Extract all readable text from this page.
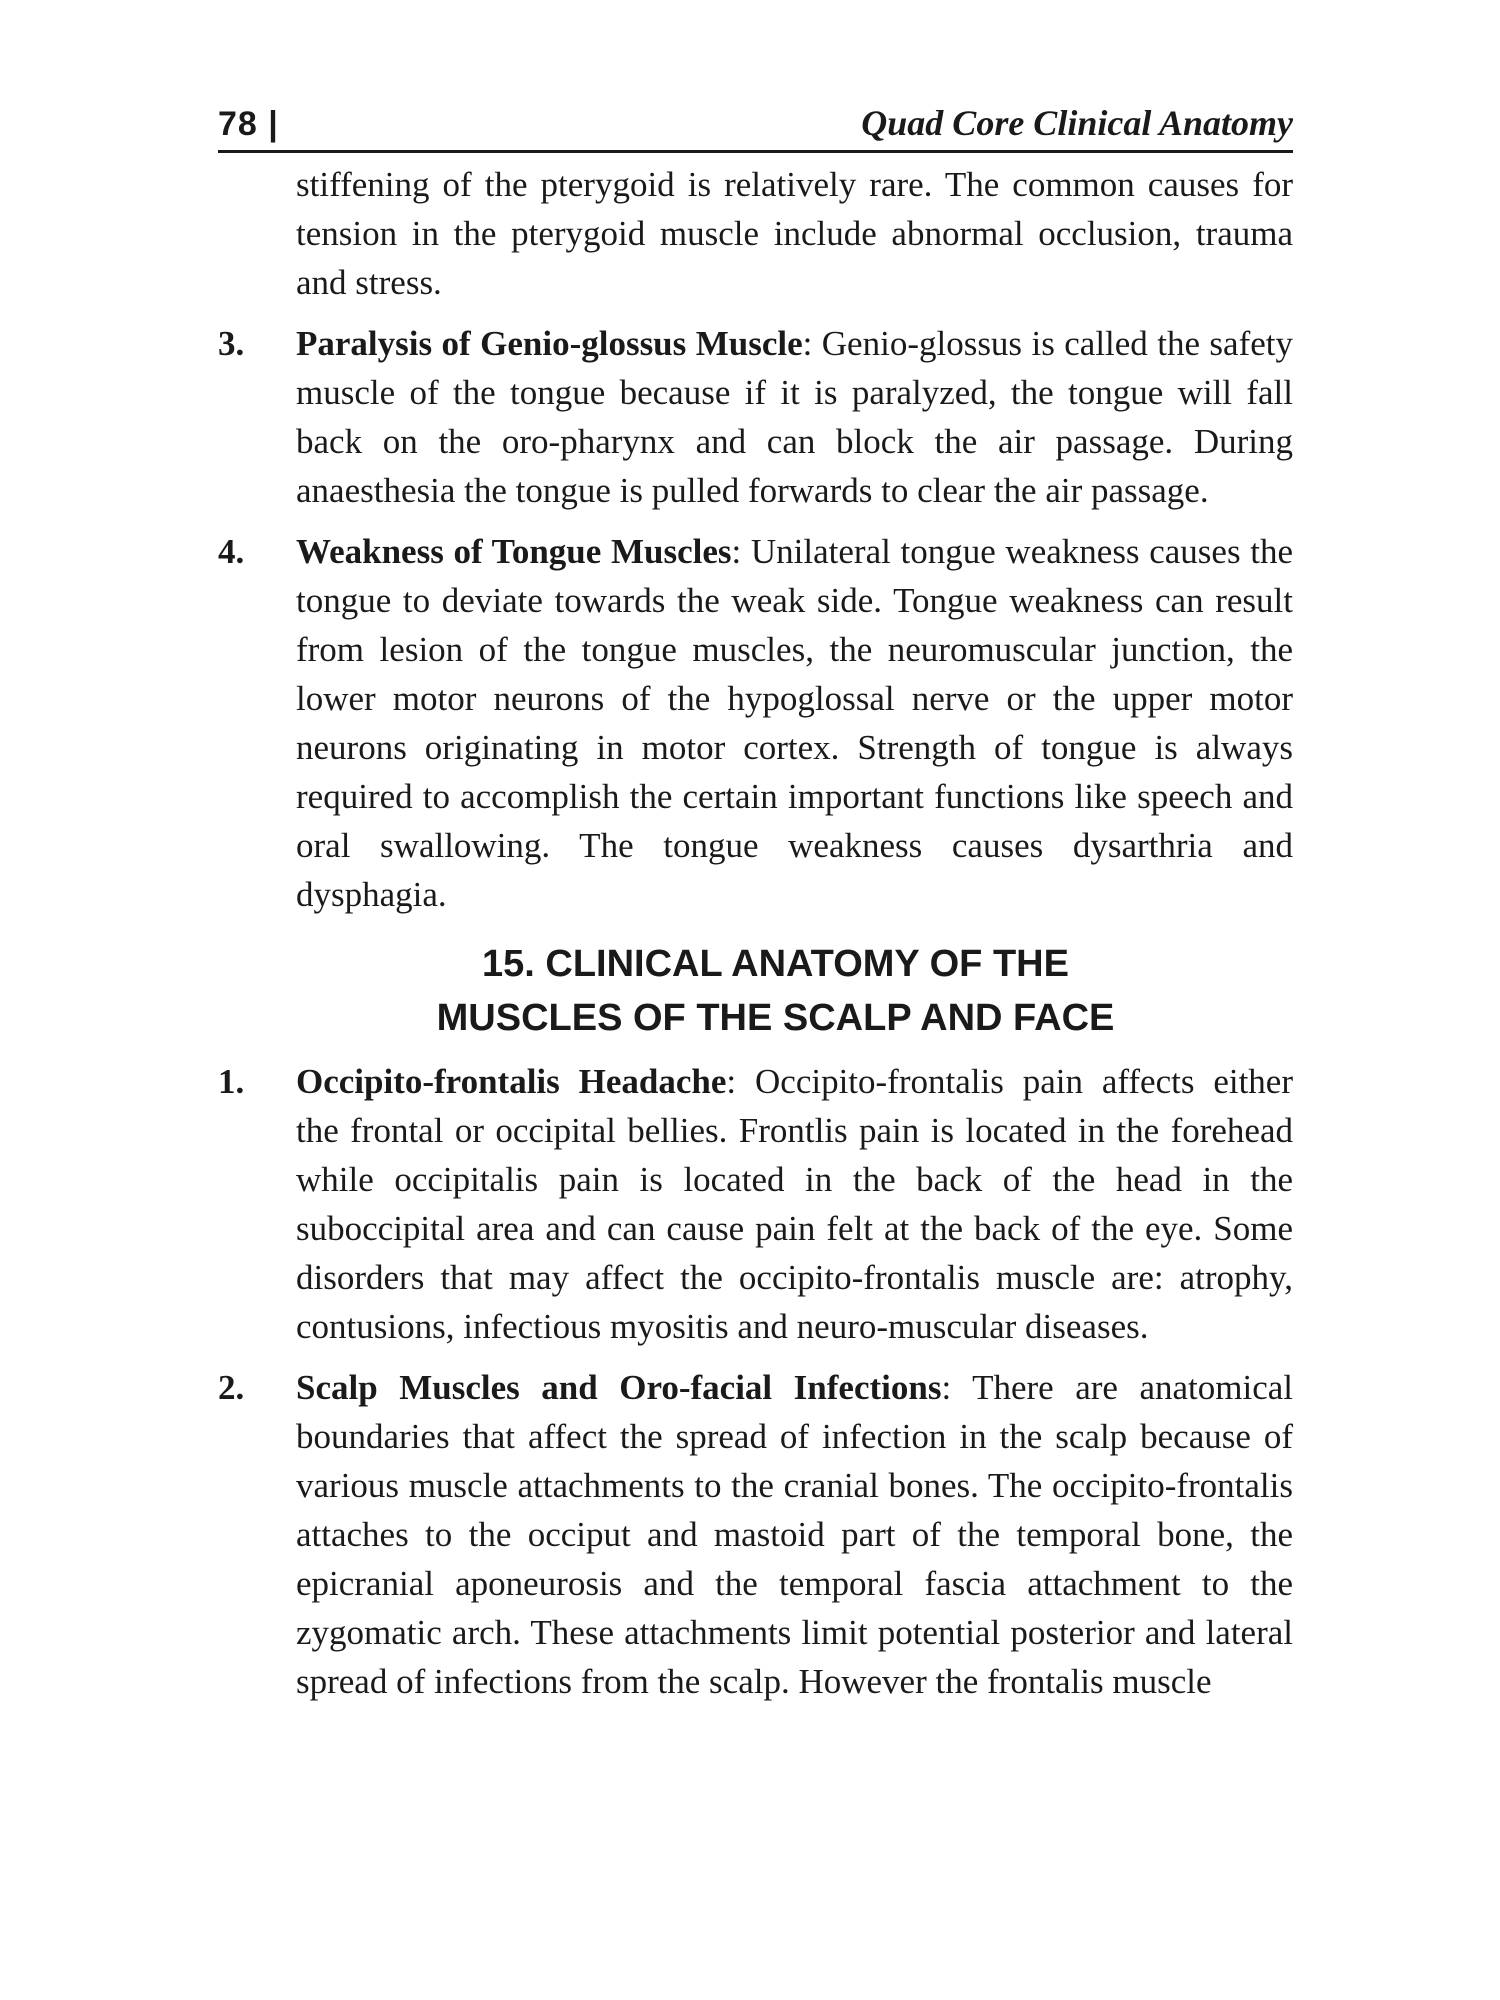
78 |	Quad Core Clinical Anatomy

stiffening of the pterygoid is relatively rare. The common causes for tension in the pterygoid muscle include abnormal occlusion, trauma and stress.

3.	Paralysis of Genio-glossus Muscle: Genio-glossus is called the safety muscle of the tongue because if it is paralyzed, the tongue will fall back on the oro-pharynx and can block the air passage. During anaesthesia the tongue is pulled forwards to clear the air passage.
4.	Weakness of Tongue Muscles: Unilateral tongue weakness causes the tongue to deviate towards the weak side. Tongue weakness can result from lesion of the tongue muscles, the neuromuscular junction, the lower motor neurons of the hypoglossal nerve or the upper motor neurons originating in motor cortex. Strength of tongue is always required to accomplish the certain important functions like speech and oral swallowing. The tongue weakness causes dysarthria and dysphagia.
15. CLINICAL ANATOMY OF THE
MUSCLES OF THE SCALP AND FACE
1.	Occipito-frontalis Headache: Occipito-frontalis pain affects either the frontal or occipital bellies. Frontlis pain is located in the forehead while occipitalis pain is located in the back of the head in the suboccipital area and can cause pain felt at the back of the eye. Some disorders that may affect the occipito-frontalis muscle are: atrophy, contusions, infectious myositis and neuro-muscular diseases.
2.	Scalp Muscles and Oro-facial Infections: There are anatomical boundaries that affect the spread of infection in the scalp because of various muscle attachments to the cranial bones. The occipito-frontalis attaches to the occiput and mastoid part of the temporal bone, the epicranial aponeurosis and the temporal fascia attachment to the zygomatic arch. These attachments limit potential posterior and lateral spread of infections from the scalp. However the frontalis muscle
